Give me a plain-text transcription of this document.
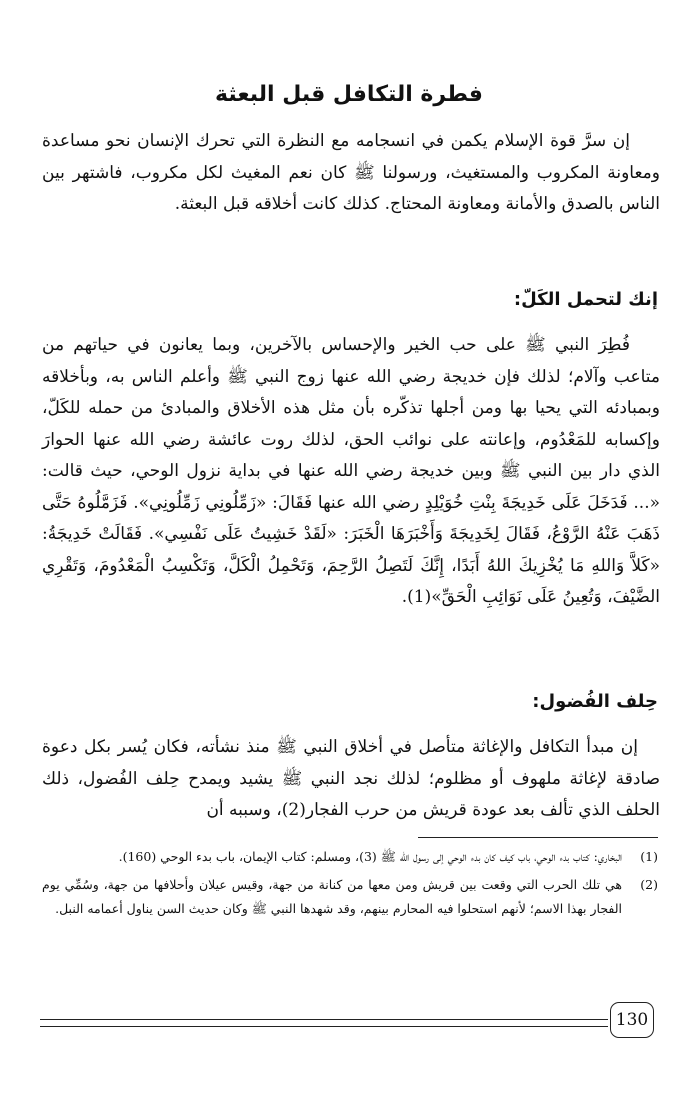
فطرة التكافل قبل البعثة
إن سرَّ قوة الإسلام يكمن في انسجامه مع النظرة التي تحرك الإنسان نحو مساعدة ومعاونة المكروب والمستغيث، ورسولنا ﷺ كان نعم المغيث لكل مكروب، فاشتهر بين الناس بالصدق والأمانة ومعاونة المحتاج. كذلك كانت أخلاقه قبل البعثة.
إنك لتحمل الكَلّ:
فُطِرَ النبي ﷺ على حب الخير والإحساس بالآخرين، وبما يعانون في حياتهم من متاعب وآلام؛ لذلك فإن خديجة رضي الله عنها زوج النبي ﷺ وأعلم الناس به، وبأخلاقه وبمبادئه التي يحيا بها ومن أجلها تذكّره بأن مثل هذه الأخلاق والمبادئ من حمله للكَلّ، وإكسابه للمَعْدُوم، وإعانته على نوائب الحق، لذلك روت عائشة رضي الله عنها الحوارَ الذي دار بين النبي ﷺ وبين خديجة رضي الله عنها في بداية نزول الوحي، حيث قالت: «... فَدَخَلَ عَلَى خَدِيجَةَ بِنْتِ خُوَيْلِدٍ رضي الله عنها فَقَالَ: «زَمِّلُونِي زَمِّلُونِي». فَزَمَّلُوهُ حَتَّى ذَهَبَ عَنْهُ الرَّوْعُ، فَقَالَ لِخَدِيجَةَ وَأَخْبَرَهَا الْخَبَرَ: «لَقَدْ خَشِيتُ عَلَى نَفْسِي». فَقَالَتْ خَدِيجَةُ: «كَلاَّ وَاللهِ مَا يُخْزِيكَ اللهُ أَبَدًا، إِنَّكَ لَتَصِلُ الرَّحِمَ، وَتَحْمِلُ الْكَلَّ، وَتَكْسِبُ الْمَعْدُومَ، وَتَقْرِي الضَّيْفَ، وَتُعِينُ عَلَى نَوَائِبِ الْحَقِّ»(1).
حِلف الفُضول:
إن مبدأ التكافل والإغاثة متأصل في أخلاق النبي ﷺ منذ نشأته، فكان يُسر بكل دعوة صادقة لإغاثة ملهوف أو مظلوم؛ لذلك نجد النبي ﷺ يشيد ويمدح حِلف الفُضول، ذلك الحلف الذي تألف بعد عودة قريش من حرب الفجار(2)، وسببه أن
(1)
البخاري: كتاب بدء الوحي، باب كيف كان بدء الوحي إلى رسول الله ﷺ (3)، ومسلم: كتاب الإيمان، باب بدء الوحي (160).
(2)
هي تلك الحرب التي وقعت بين قريش ومن معها من كنانة من جهة، وقيس عيلان وأحلافها من جهة، وسُمِّي يوم الفجار بهذا الاسم؛ لأنهم استحلوا فيه المحارم بينهم، وقد شهدها النبي ﷺ وكان حديث السن يناول أعمامه النبل.
130
